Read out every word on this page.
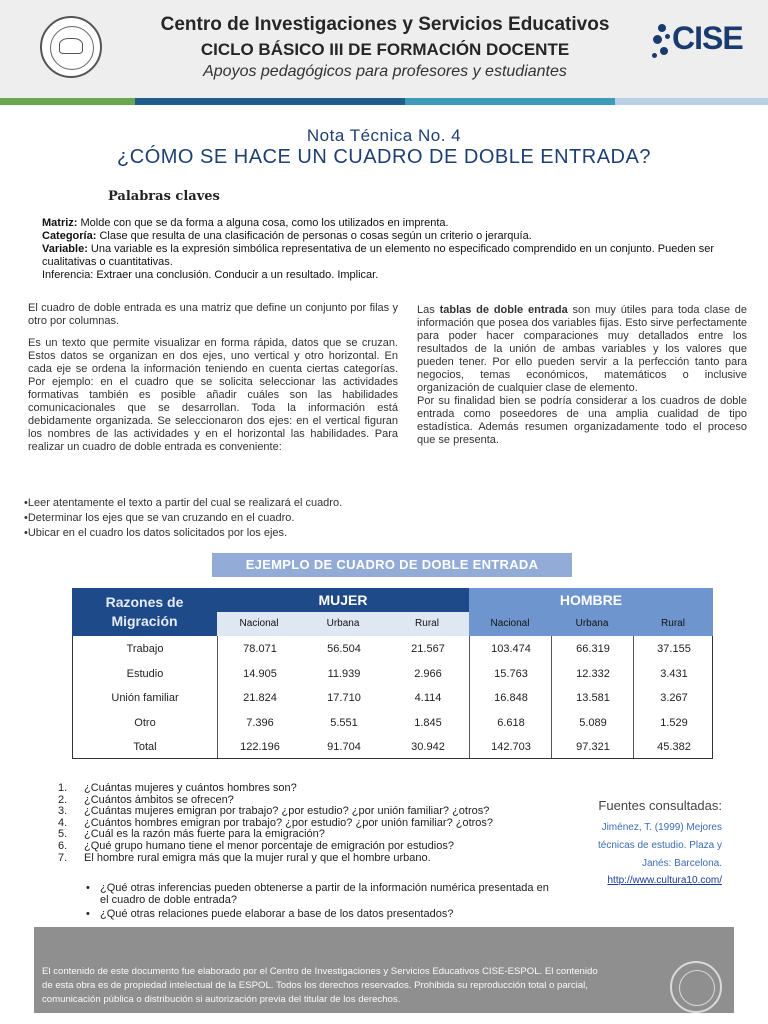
Centro de Investigaciones y Servicios Educativos
CICLO BÁSICO III DE FORMACIÓN DOCENTE
Apoyos pedagógicos para profesores y estudiantes
CISE
Nota Técnica No. 4
¿CÓMO SE HACE UN CUADRO DE DOBLE ENTRADA?
Palabras claves
Matriz: Molde con que se da forma a alguna cosa, como los utilizados en imprenta.
Categoría: Clase que resulta de una clasificación de personas o cosas según un criterio o jerarquía.
Variable: Una variable es la expresión simbólica representativa de un elemento no especificado comprendido en un conjunto. Pueden ser cualitativas o cuantitativas.
Inferencia: Extraer una conclusión. Conducir a un resultado. Implicar.

El cuadro de doble entrada es una matriz que define un conjunto por filas y otro por columnas.

Es un texto que permite visualizar en forma rápida, datos que se cruzan. Estos datos se organizan en dos ejes, uno vertical y otro horizontal. En cada eje se ordena la información teniendo en cuenta ciertas categorías. Por ejemplo: en el cuadro que se solicita seleccionar las actividades formativas también es posible añadir cuáles son las habilidades comunicacionales que se desarrollan. Toda la información está debidamente organizada. Se seleccionaron dos ejes: en el vertical figuran los nombres de las actividades y en el horizontal las habilidades. Para realizar un cuadro de doble entrada es conveniente:

Las tablas de doble entrada son muy útiles para toda clase de información que posea dos variables fijas. Esto sirve perfectamente para poder hacer comparaciones muy detallados entre los resultados de la unión de ambas variables y los valores que pueden tener. Por ello pueden servir a la perfección tanto para negocios, temas económicos, matemáticos o inclusive organización de cualquier clase de elemento.
Por su finalidad bien se podría considerar a los cuadros de doble entrada como poseedores de una amplia cualidad de tipo estadística. Además resumen organizadamente todo el proceso que se presenta.
•Leer atentamente el texto a partir del cual se realizará el cuadro.
•Determinar los ejes que se van cruzando en el cuadro.
•Ubicar en el cuadro los datos solicitados por los ejes.
EJEMPLO DE CUADRO DE DOBLE ENTRADA
Razones de
Migración
MUJER	HOMBRE
Nacional	Urbana	Rural	Nacional	Urbana	Rural
Trabajo	78.071	56.504	21.567	103.474	66.319	37.155
Estudio	14.905	11.939	2.966	15.763	12.332	3.431
Unión familiar	21.824	17.710	4.114	16.848	13.581	3.267
Otro	7.396	5.551	1.845	6.618	5.089	1.529
Total	122.196	91.704	30.942	142.703	97.321	45.382
1.	¿Cuántas mujeres y cuántos hombres son?
2.	¿Cuántos ámbitos se ofrecen?
3.	¿Cuántas mujeres emigran por trabajo? ¿por estudio? ¿por unión familiar? ¿otros?
4.	¿Cuántos hombres emigran por trabajo? ¿por estudio? ¿por unión familiar? ¿otros?
5.	¿Cuál es la razón más fuerte para la emigración?
6.	¿Qué grupo humano tiene el menor porcentaje de emigración por estudios?
7.	El hombre rural emigra más que la mujer rural y que el hombre urbano.
• ¿Qué otras inferencias pueden obtenerse a partir de la información numérica presentada en el cuadro de doble entrada?
• ¿Qué otras relaciones puede elaborar a base de los datos presentados?
Fuentes consultadas:
Jiménez, T. (1999) Mejores
técnicas de estudio. Plaza y
Janés: Barcelona.
http://www.cultura10.com/
El contenido de este documento fue elaborado por el Centro de Investigaciones y Servicios Educativos CISE-ESPOL. El contenido
de esta obra es de propiedad intelectual de la ESPOL. Todos los derechos reservados. Prohibida su reproducción total o parcial,
comunicación pública o distribución si autorización previa del titular de los derechos.
